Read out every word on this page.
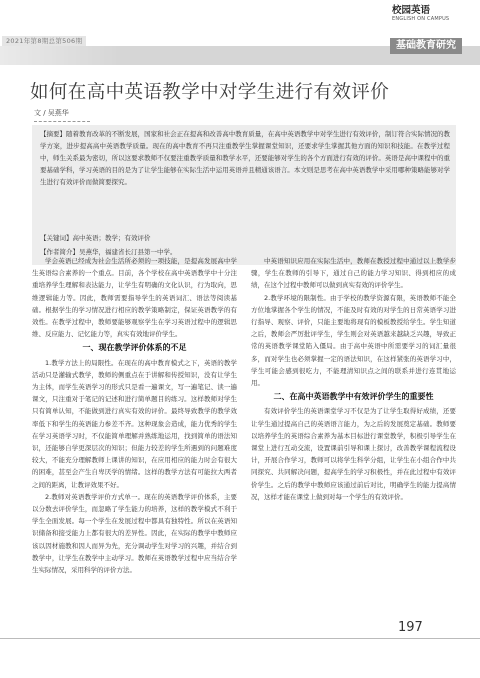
2021年第8期总第506期
校园英语
ENGLISH ON CAMPUS
基础教育研究
如何在高中英语教学中对学生进行有效评价
文 / 吴燕华
【摘要】随着教育改革的不断发展，国家和社会正在提高和改善高中教育质量，在高中英语教学中对学生进行有效评价，制订符合实际情况的教学方案，进步提高高中英语教学质量。现在的高中教育不再只注重教学生掌握课堂知识，还要求学生掌握其他方面的知识和技能。在教学过程中，师生关系最为密切，所以这要求教师不仅要注重教学质量和教学水平，还要能够对学生的各个方面进行有效的评价。英语是高中课程中的重要基础学科，学习英语的目的是为了让学生能够在实际生活中运用英语并且精通该语言。本文则是思考在高中英语教学中采用哪种策略能够对学生进行有效评价而做简要探究。
【关键词】高中英语；教学；有效评价
【作者简介】吴燕华，福建省长汀县第一中学。

学会英语已经成为社会生活所必须的一项技能，是提高发展高中学生英语综合素养的一个重点。目前，各个学校在高中英语教学中十分注重培养学生理解和表达能力，让学生有明确的文化认识，行为取向，思维逻辑能力等。因此，教师需要指导学生的英语词汇、语法等阅读基础。根据学生的学习情况进行相应的教学策略制定，保证英语教学的有效性。在教学过程中，教师要能够观察学生在学习英语过程中的逻辑思维、反应能力、记忆能力等，真实有效地评价学生。

一、现在教学评价体系的不足

1.教学方法上的局限性。在现在的高中教育模式之下，英语的教学活动只是灌输式教学，教师的侧重点在于讲解和传授知识，没有让学生为主体，而学生英语学习的形式只是看一遍课文，写一遍笔记、读一遍课文，只注重对于笔记的记述和进行简单题目的练习。这样教师对学生只有简单认知，不能做到进行真实有效的评价。最终导致教学的教学效率低下和学生的英语能力参差不齐。这种现象会造成，能力优秀的学生在学习英语学习时，不仅能简单理解并熟练地运用，找到简单的语法知识，还能够自学更深层次的知识；但能力较差的学生所遇到的问题难度较大，不能充分理解教师上课讲的知识，在应用相应的能力时会有很大的困难，甚至会产生自卑厌学的情绪。这样的教学方法有可能拉大两者之间的距离，让教评效果不好。

2.教师对英语教学评价方式单一。现在的英语教学评价体系，主要以分数去评价学生，而忽略了学生能力的培养，这样的教学模式不利于学生全面发展。每一个学生在发展过程中都具有独特性。所以在英语知识储备和接受能力上都有很大的差异性。因此，在实际的教学中教师应该以因材施教和因人而异为先，充分调动学生对学习的兴趣，并结合到教学中，让学生在教学中主动学习。教师在英语教学过程中应当结合学生实际情况，采用科学的评价方法。

中英语知识应用在实际生活中，教师在教授过程中通过以上教学步骤，学生在教师的引导下，通过自己的能力学习知识、得到相应的成绩，在这个过程中教师可以做到真实有效的评价学生。

2.教学环境的限制性。由于学校的教学资源有限，英语教师不能全方位地掌握各个学生的情况，不能及时有效的对学生的日常英语学习进行指导、观察、评价，只能主要地将现有的模板教授给学生。学生知道之后，教师会严厉批评学生，学生则会对英语越来越缺乏兴趣，导致正常的英语教学课堂陷入僵局。由于高中英语中所需要学习的词汇量很多，而对学生也必须掌握一定的语法知识，在这样紧张的英语学习中，学生可能会感到很吃力，不能理清知识点之间的联系并进行连贯地运用。

二、在高中英语教学中有效评价学生的重要性

有效评价学生的英语课堂学习不仅是为了让学生取得好成绩，还要让学生通过提高自己的英语语言能力，为之后的发展奠定基础。教师要以培养学生的英语综合素养为基本目标进行课堂教学，积极引导学生在课堂上进行互动交流，设置课前引导和课上探讨，改善教学课程流程设计，开展合作学习，教师可以将学生科学分组，让学生在小组合作中共同探究、共同解决问题，提高学生的学习积极性，并在此过程中有效评价学生。之后的教学中教师应该通过前后对比，明确学生的能力提高情况，这样才能在课堂上做到对每一个学生的有效评价。

197
